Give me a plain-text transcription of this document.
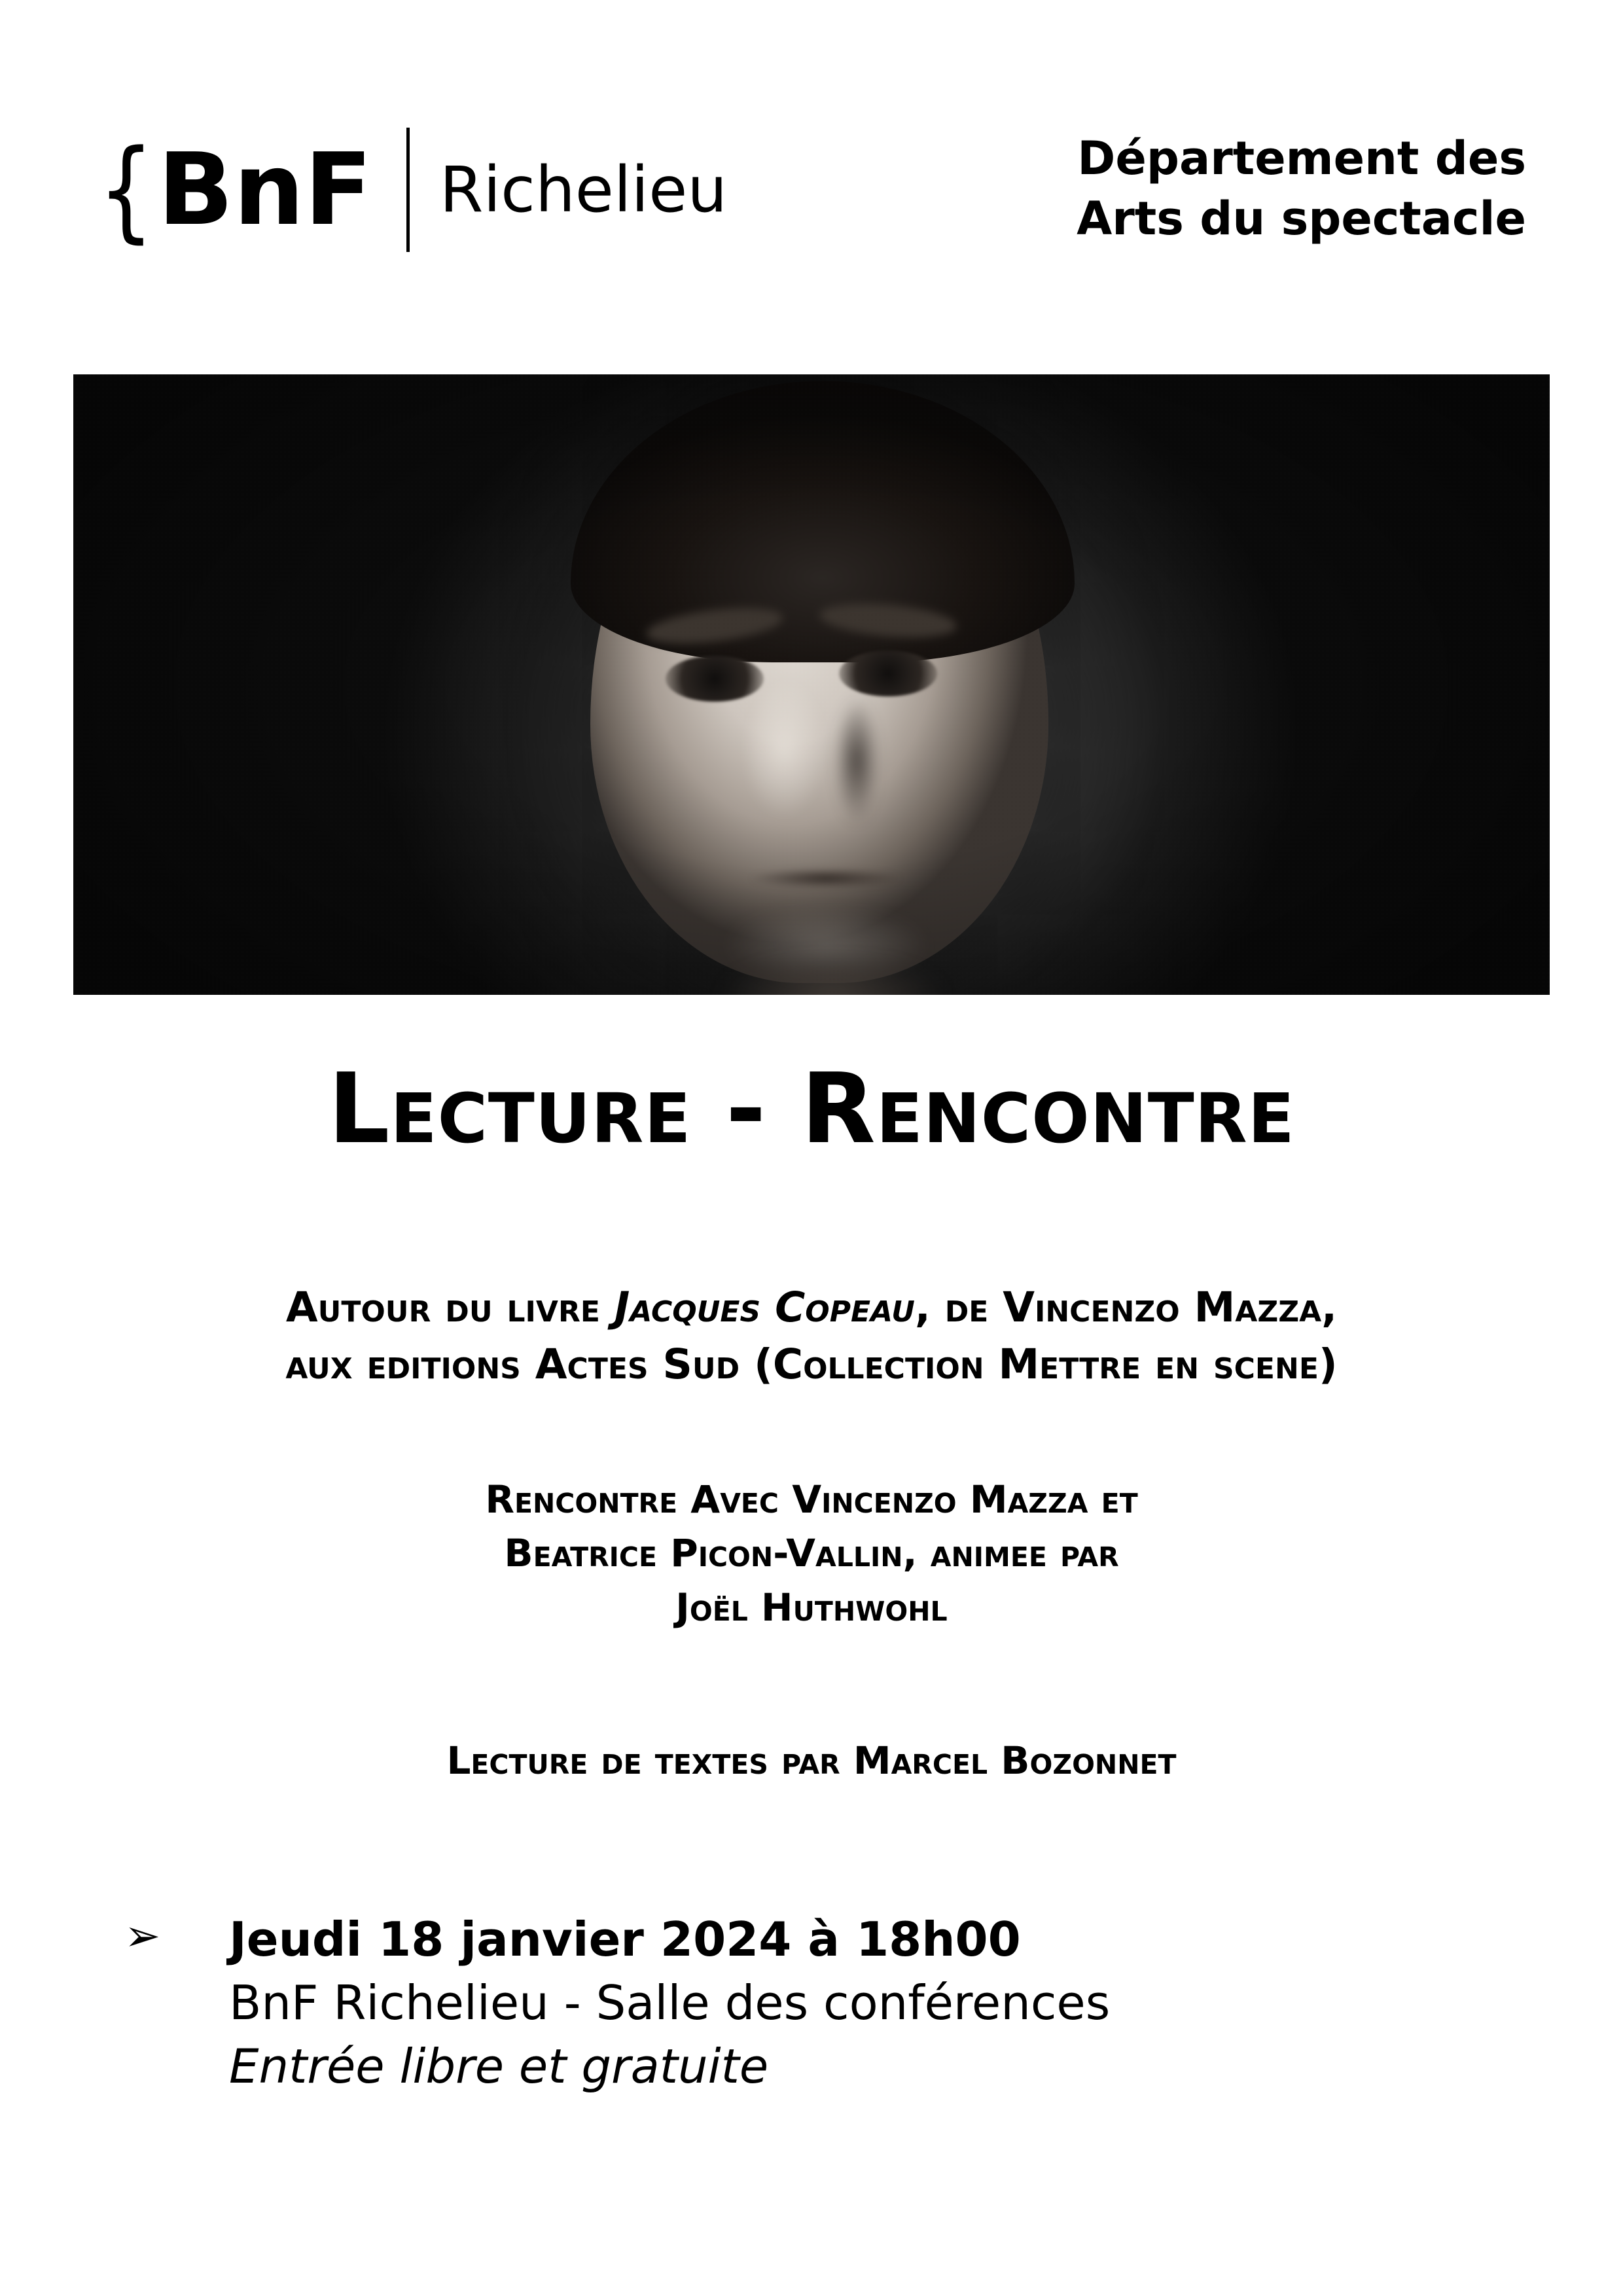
{ BnF Richelieu	Département des
Arts du spectacle
Lecture - Rencontre
Autour du livre Jacques Copeau, de Vincenzo Mazza,
aux editions Actes Sud (Collection Mettre en scene)
Rencontre Avec Vincenzo Mazza et
Beatrice Picon-Vallin, animee par
Joël Huthwohl
Lecture de textes par Marcel Bozonnet
➢ Jeudi 18 janvier 2024 à 18h00
BnF Richelieu - Salle des conférences
Entrée libre et gratuite
